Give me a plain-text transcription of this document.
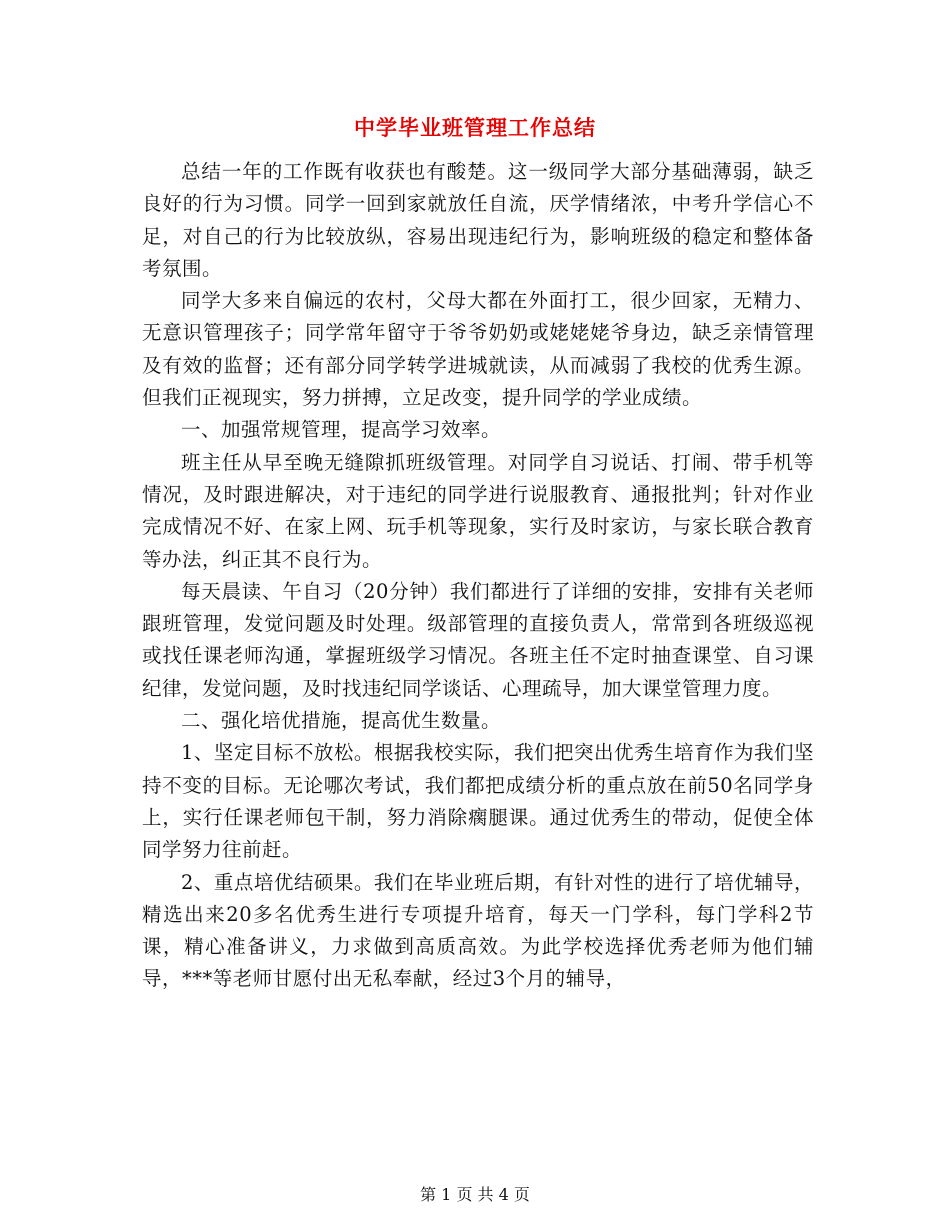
中学毕业班管理工作总结

总结一年的工作既有收获也有酸楚。这一级同学大部分基础薄弱，缺乏良好的行为习惯。同学一回到家就放任自流，厌学情绪浓，中考升学信心不足，对自己的行为比较放纵，容易出现违纪行为，影响班级的稳定和整体备考氛围。

同学大多来自偏远的农村，父母大都在外面打工，很少回家，无精力、无意识管理孩子；同学常年留守于爷爷奶奶或姥姥姥爷身边，缺乏亲情管理及有效的监督；还有部分同学转学进城就读，从而减弱了我校的优秀生源。但我们正视现实，努力拼搏，立足改变，提升同学的学业成绩。

一、加强常规管理，提高学习效率。

班主任从早至晚无缝隙抓班级管理。对同学自习说话、打闹、带手机等情况，及时跟进解决，对于违纪的同学进行说服教育、通报批判；针对作业完成情况不好、在家上网、玩手机等现象，实行及时家访，与家长联合教育等办法，纠正其不良行为。

每天晨读、午自习（20分钟）我们都进行了详细的安排，安排有关老师跟班管理，发觉问题及时处理。级部管理的直接负责人，常常到各班级巡视或找任课老师沟通，掌握班级学习情况。各班主任不定时抽查课堂、自习课纪律，发觉问题，及时找违纪同学谈话、心理疏导，加大课堂管理力度。

二、强化培优措施，提高优生数量。

1、坚定目标不放松。根据我校实际，我们把突出优秀生培育作为我们坚持不变的目标。无论哪次考试，我们都把成绩分析的重点放在前50名同学身上，实行任课老师包干制，努力消除瘸腿课。通过优秀生的带动，促使全体同学努力往前赶。

2、重点培优结硕果。我们在毕业班后期，有针对性的进行了培优辅导，精选出来20多名优秀生进行专项提升培育，每天一门学科，每门学科2节课，精心准备讲义，力求做到高质高效。为此学校选择优秀老师为他们辅导，***等老师甘愿付出无私奉献，经过3个月的辅导，

第 1 页 共 4 页
